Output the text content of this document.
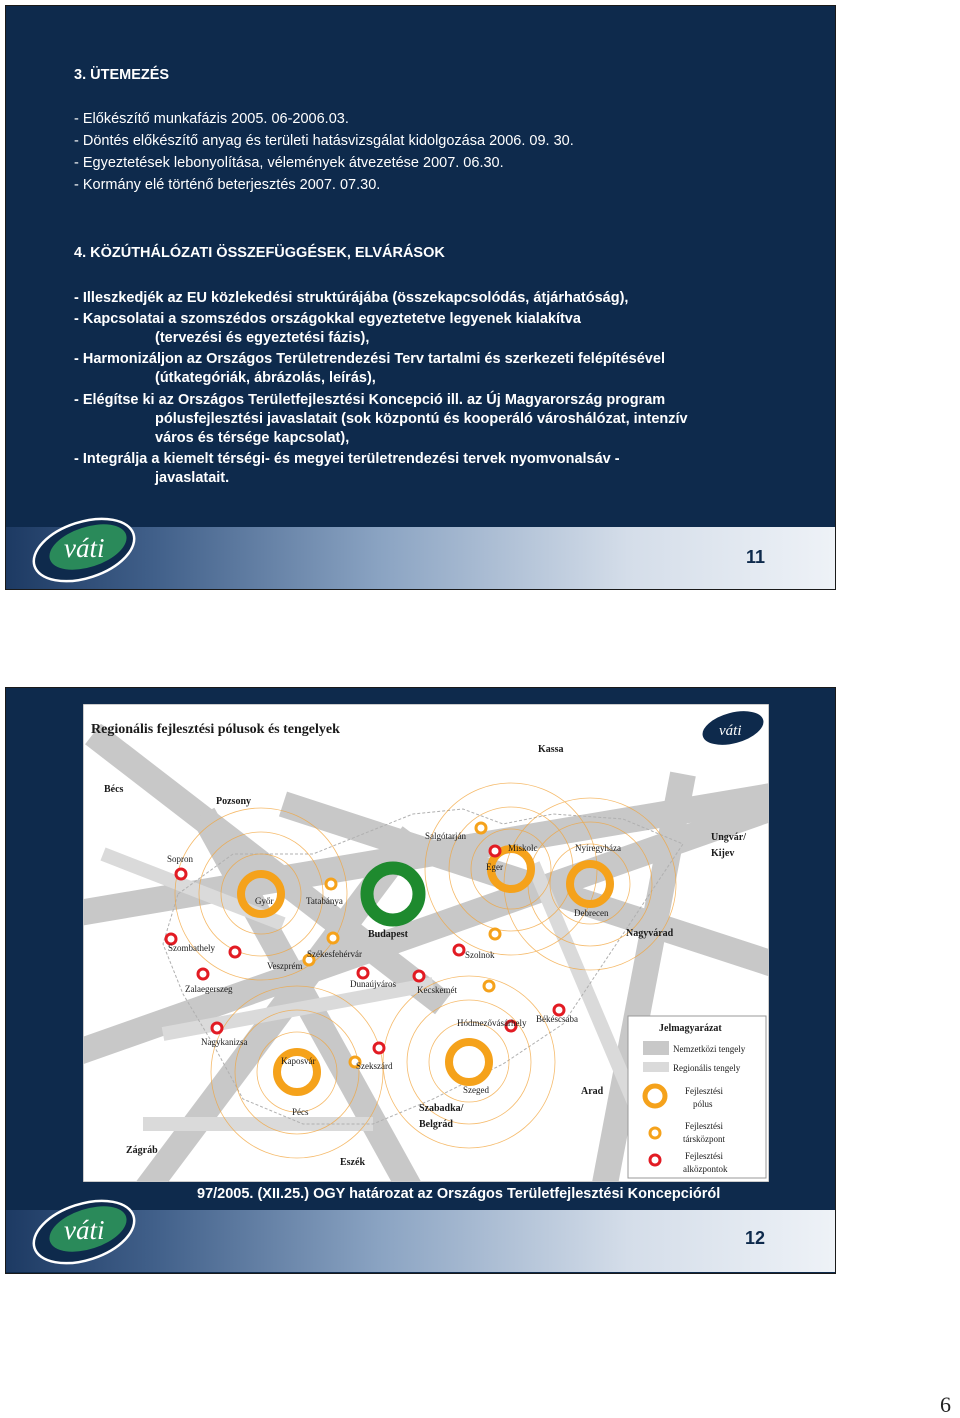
3. ÜTEMEZÉS
- Előkészítő munkafázis 2005. 06-2006.03.
- Döntés előkészítő anyag és területi hatásvizsgálat kidolgozása 2006. 09. 30.
- Egyeztetések lebonyolítása, vélemények átvezetése 2007. 06.30.
- Kormány elé történő beterjesztés 2007. 07.30.
4. KÖZÚTHÁLÓZATI ÖSSZEFÜGGÉSEK, ELVÁRÁSOK
- Illeszkedjék az EU közlekedési struktúrájába (összekapcsolódás, átjárhatóság),
- Kapcsolatai a szomszédos országokkal egyeztetetve legyenek kialakítva
(tervezési és egyeztetési fázis),
- Harmonizáljon az Országos Területrendezési Terv tartalmi és szerkezeti felépítésével
(útkategóriák, ábrázolás, leírás),
- Elégítse ki az Országos Területfejlesztési Koncepció ill. az Új Magyarország program
pólusfejlesztési javaslatait (sok központú és kooperáló városhálózat, intenzív
város és térsége kapcsolat),
- Integrálja a kiemelt térségi- és megyei területrendezési tervek nyomvonalsáv -
javaslatait.
váti	11
Regionális fejlesztési pólusok és tengelyek	váti
Kassa
Bécs
Pozsony
Ungvár/
Kijev
Budapest	Nagyvárad
Arad
Szabadka/
Belgrád
Zágráb
Eszék
Salgótarján
Miskolc	Nyíregyháza
Sopron
Eger
Győr	Tatabánya
Debrecen
Szombathely
Székesfehérvár	Szolnok
Veszprém
Zalaegerszeg	Dunaújváros
Kecskemét
Hódmezővásárhely Békéscsaba
Nagykanizsa
Kaposvár	Szekszárd
Szeged
Pécs
Jelmagyarázat
Nemzetközi tengely
Regionális tengely
Fejlesztési
pólus
Fejlesztési
társközpont
Fejlesztési
alközpontok
97/2005. (XII.25.) OGY határozat az Országos Területfejlesztési Koncepcióról
váti	12
6
